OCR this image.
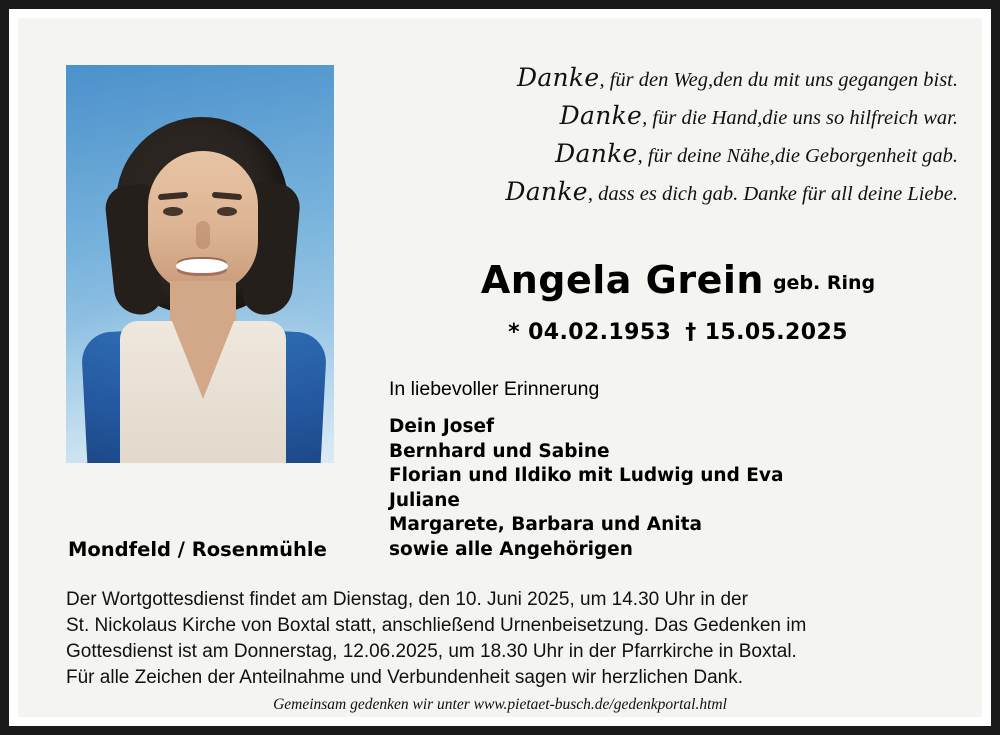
Danke, für den Weg,den du mit uns gegangen bist.
Danke, für die Hand,die uns so hilfreich war.
Danke, für deine Nähe,die Geborgenheit gab.
Danke, dass es dich gab. Danke für all deine Liebe.
Angela Grein geb. Ring
* 04.02.1953 † 15.05.2025
In liebevoller Erinnerung
Dein Josef
Bernhard und Sabine
Florian und Ildiko mit Ludwig und Eva
Juliane
Margarete, Barbara und Anita
sowie alle Angehörigen
Mondfeld / Rosenmühle
Der Wortgottesdienst findet am Dienstag, den 10. Juni 2025, um 14.30 Uhr in der
St. Nickolaus Kirche von Boxtal statt, anschließend Urnenbeisetzung. Das Gedenken im
Gottesdienst ist am Donnerstag, 12.06.2025, um 18.30 Uhr in der Pfarrkirche in Boxtal.
Für alle Zeichen der Anteilnahme und Verbundenheit sagen wir herzlichen Dank.
Gemeinsam gedenken wir unter www.pietaet-busch.de/gedenkportal.html
